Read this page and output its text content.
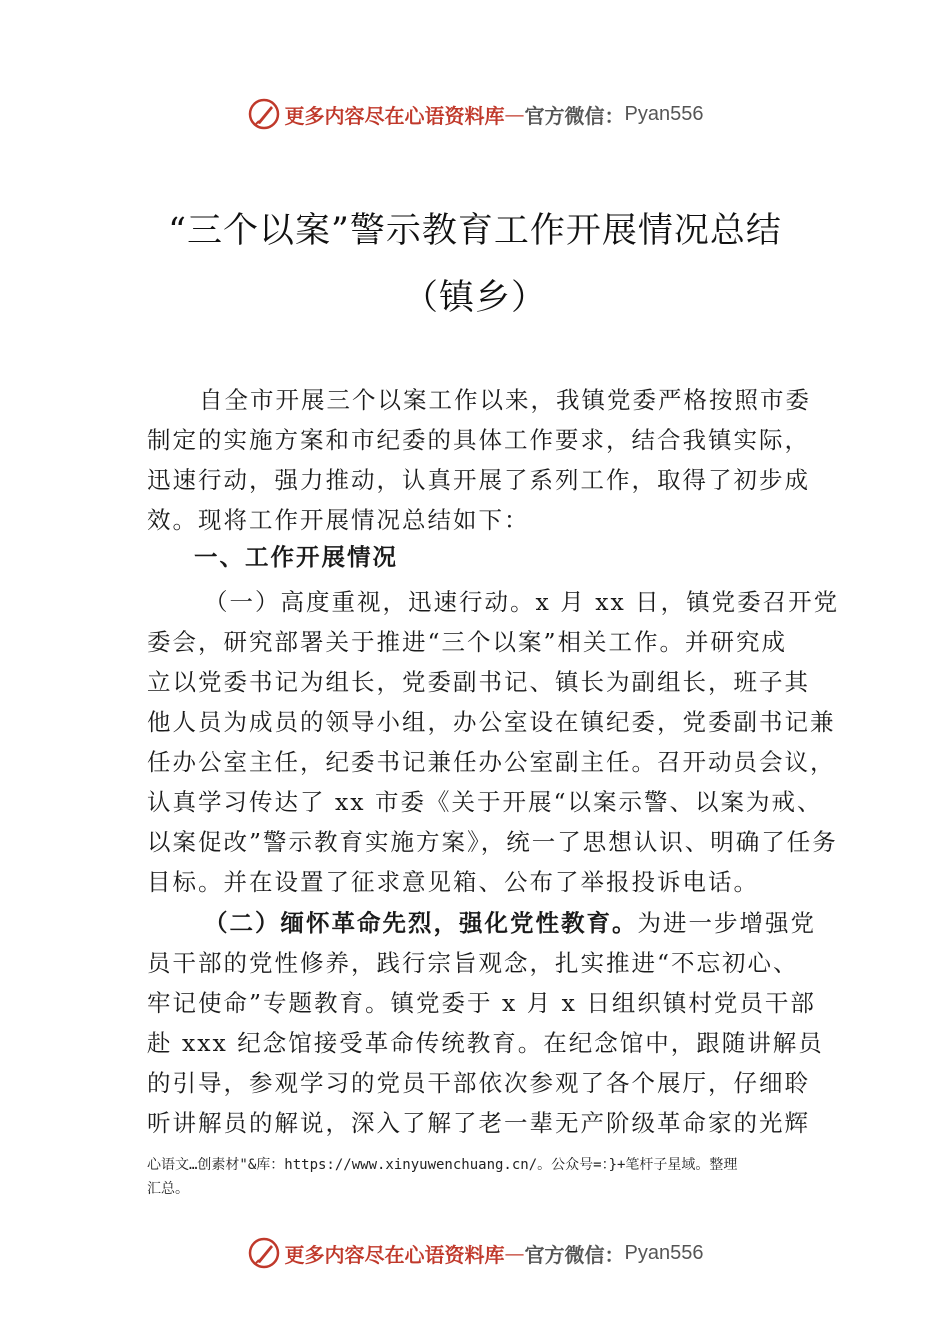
更多内容尽在心语资料库 — 官方微信： Pyan556
“三个以案”警示教育工作开展情况总结
（镇乡）
自全市开展三个以案工作以来，我镇党委严格按照市委
制定的实施方案和市纪委的具体工作要求，结合我镇实际，
迅速行动，强力推动，认真开展了系列工作，取得了初步成
效。现将工作开展情况总结如下：
一、工作开展情况
（一）高度重视，迅速行动。x 月 xx 日，镇党委召开党
委会，研究部署关于推进“三个以案”相关工作。并研究成
立以党委书记为组长，党委副书记、镇长为副组长，班子其
他人员为成员的领导小组，办公室设在镇纪委，党委副书记兼
任办公室主任，纪委书记兼任办公室副主任。召开动员会议，
认真学习传达了 xx 市委《关于开展“以案示警、以案为戒、
以案促改”警示教育实施方案》，统一了思想认识、明确了任务
目标。并在设置了征求意见箱、公布了举报投诉电话。
（二）缅怀革命先烈，强化党性教育。为进一步增强党
员干部的党性修养，践行宗旨观念，扎实推进“不忘初心、
牢记使命”专题教育。镇党委于 x 月 x 日组织镇村党员干部
赴 xxx 纪念馆接受革命传统教育。在纪念馆中，跟随讲解员
的引导，参观学习的党员干部依次参观了各个展厅，仔细聆
听讲解员的解说，深入了解了老一辈无产阶级革命家的光辉
心语文…创素材"&库：https://www.xinyuwenchuang.cn/。公众号=：}+笔杆子星域。整理
汇总。
更多内容尽在心语资料库 — 官方微信： Pyan556
